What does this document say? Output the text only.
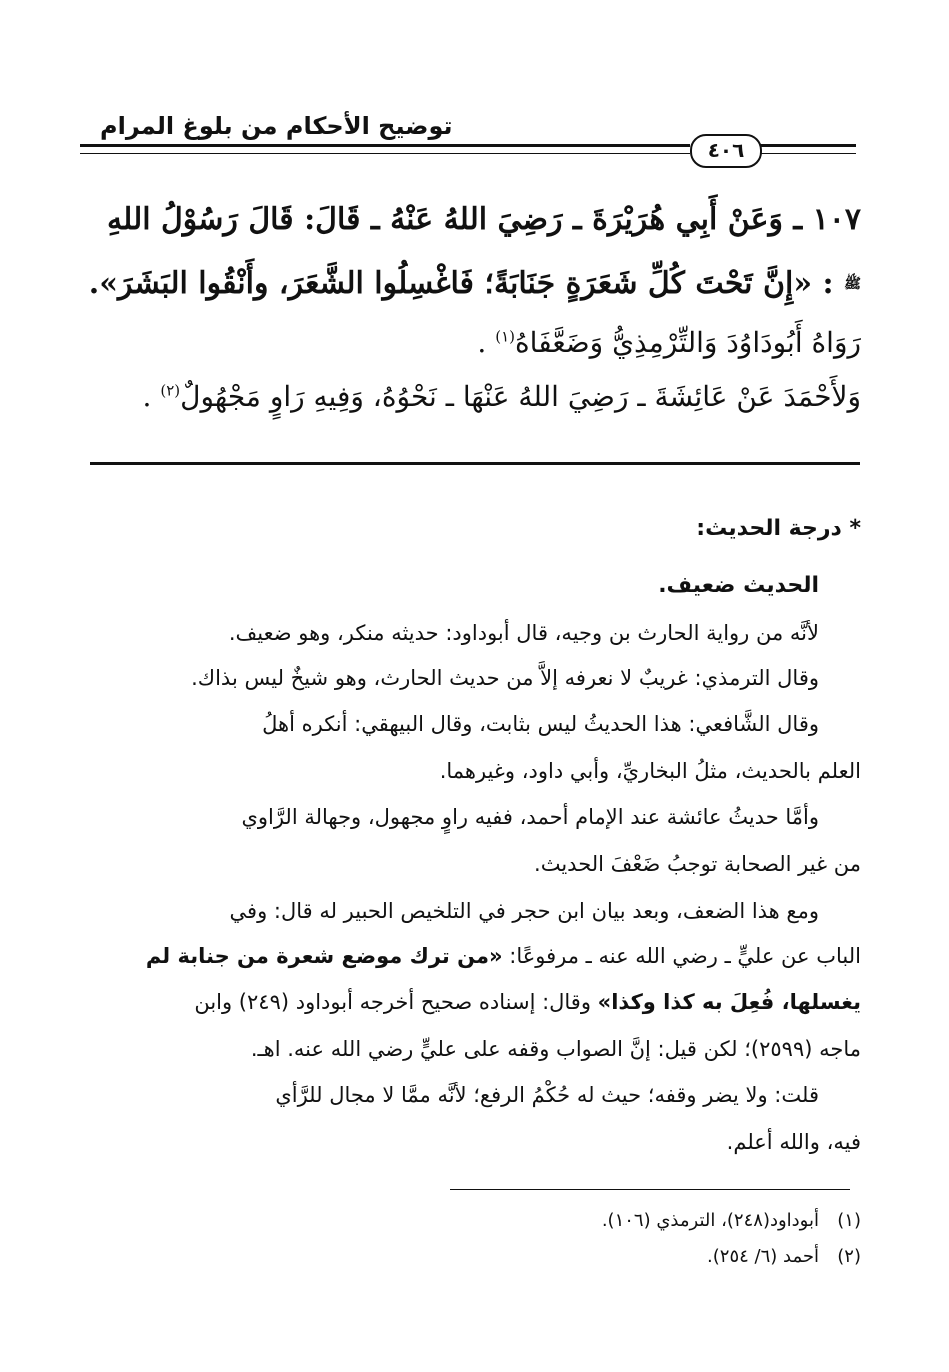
توضيح الأحكام من بلوغ المرام
٤٠٦
١٠٧ ـ وَعَنْ أَبِي هُرَيْرَةَ ـ رَضِيَ اللهُ عَنْهُ ـ قَالَ: قَالَ رَسُوْلُ اللهِ
ﷺ : «إِنَّ تَحْتَ كُلِّ شَعَرَةٍ جَنَابَةً؛ فَاغْسِلُوا الشَّعَرَ، وأَنْقُوا البَشَرَ».
رَوَاهُ أَبُودَاوُدَ وَالتِّرْمِذِيُّ وَضَعَّفَاهُ$^{(١)}$ .
وَلأَحْمَدَ عَنْ عَائِشَةَ ـ رَضِيَ اللهُ عَنْهَا ـ نَحْوُهُ، وَفِيهِ رَاوٍ مَجْهُولٌ$^{(٢)}$ .
* درجة الحديث:
الحديث ضعيف.
لأنَّه من رواية الحارث بن وجيه، قال أبوداود: حديثه منكر، وهو ضعيف.
وقال الترمذي: غريبٌ لا نعرفه إلاَّ من حديث الحارث، وهو شيخٌ ليس بذاك.
وقال الشَّافعي: هذا الحديثُ ليس بثابت، وقال البيهقي: أنكره أهلُ
العلم بالحديث، مثلُ البخاريِّ، وأبي داود، وغيرهما.
وأمَّا حديثُ عائشة عند الإمام أحمد، ففيه راوٍ مجهول، وجهالة الرَّاوي
من غير الصحابة توجبُ ضَعْفَ الحديث.
ومع هذا الضعف، وبعد بيان ابن حجر في التلخيص الحبير له قال: وفي
الباب عن عليٍّ ـ رضي الله عنه ـ مرفوعًا: «من ترك موضع شعرة من جنابة لم
يغسلها، فُعِلَ به كذا وكذا» وقال: إسناده صحيح أخرجه أبوداود (٢٤٩) وابن
ماجه (٢٥٩٩)؛ لكن قيل: إنَّ الصواب وقفه على عليٍّ رضي الله عنه. اهـ.
قلت: ولا يضر وقفه؛ حيث له حُكْمُ الرفع؛ لأنَّه ممَّا لا مجال للرَّأي
فيه، والله أعلم.
(١)أبوداود(٢٤٨)، الترمذي (١٠٦).
(٢)أحمد (٦/ ٢٥٤).
